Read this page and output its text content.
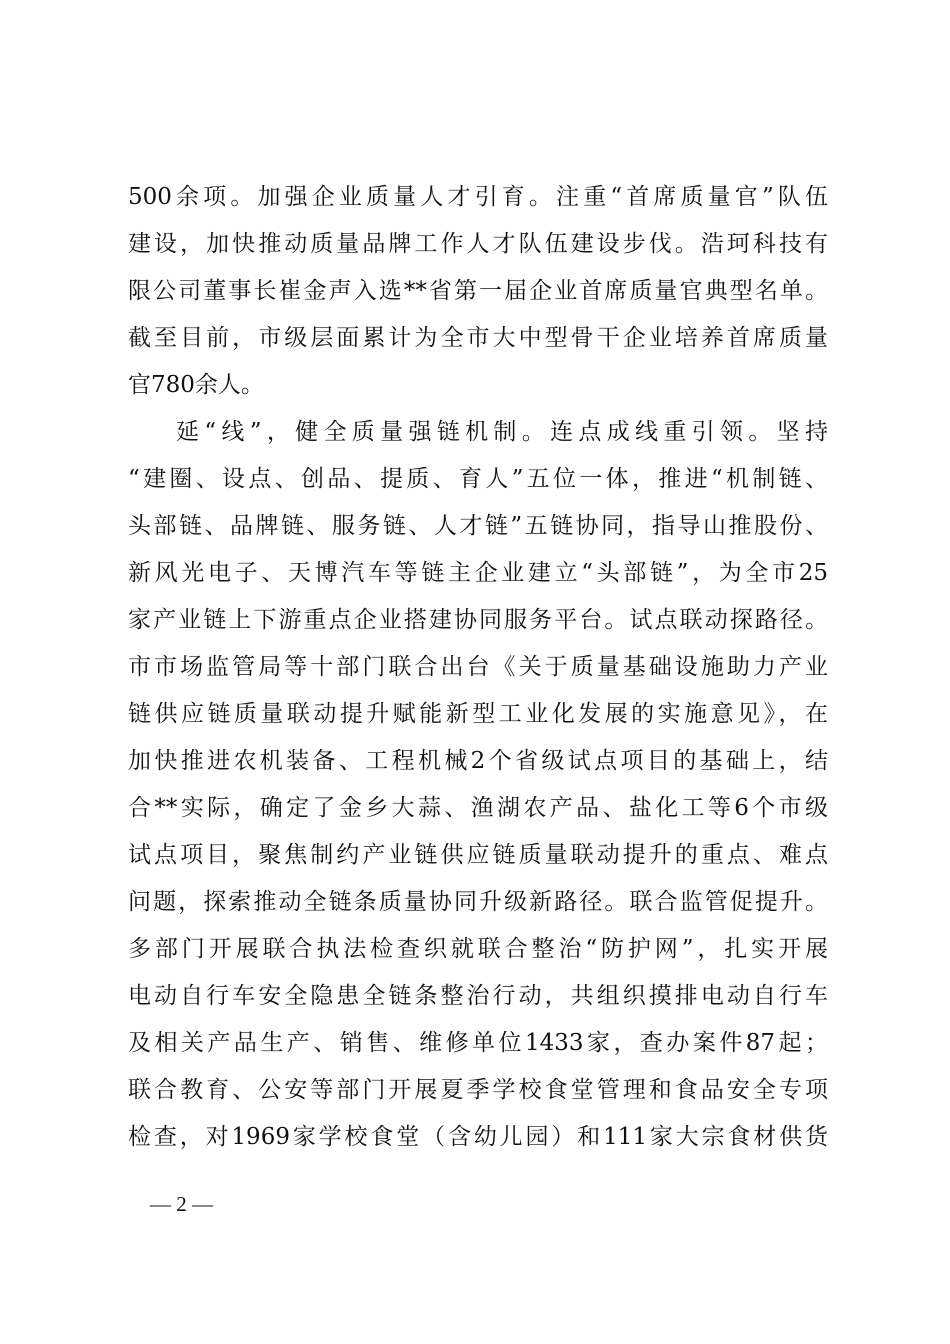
500余项。加强企业质量人才引育。注重“首席质量官”队伍
建设，加快推动质量品牌工作人才队伍建设步伐。浩珂科技有
限公司董事长崔金声入选**省第一届企业首席质量官典型名单。
截至目前，市级层面累计为全市大中型骨干企业培养首席质量
官780余人。
延“线”，健全质量强链机制。连点成线重引领。坚持
“建圈、设点、创品、提质、育人”五位一体，推进“机制链、
头部链、品牌链、服务链、人才链”五链协同，指导山推股份、
新风光电子、天博汽车等链主企业建立“头部链”，为全市25
家产业链上下游重点企业搭建协同服务平台。试点联动探路径。
市市场监管局等十部门联合出台《关于质量基础设施助力产业
链供应链质量联动提升赋能新型工业化发展的实施意见》，在
加快推进农机装备、工程机械2个省级试点项目的基础上，结
合**实际，确定了金乡大蒜、渔湖农产品、盐化工等6个市级
试点项目，聚焦制约产业链供应链质量联动提升的重点、难点
问题，探索推动全链条质量协同升级新路径。联合监管促提升。
多部门开展联合执法检查织就联合整治“防护网”，扎实开展
电动自行车安全隐患全链条整治行动，共组织摸排电动自行车
及相关产品生产、销售、维修单位1433家，查办案件87起；
联合教育、公安等部门开展夏季学校食堂管理和食品安全专项
检查，对1969家学校食堂（含幼儿园）和111家大宗食材供货
— 2 —
